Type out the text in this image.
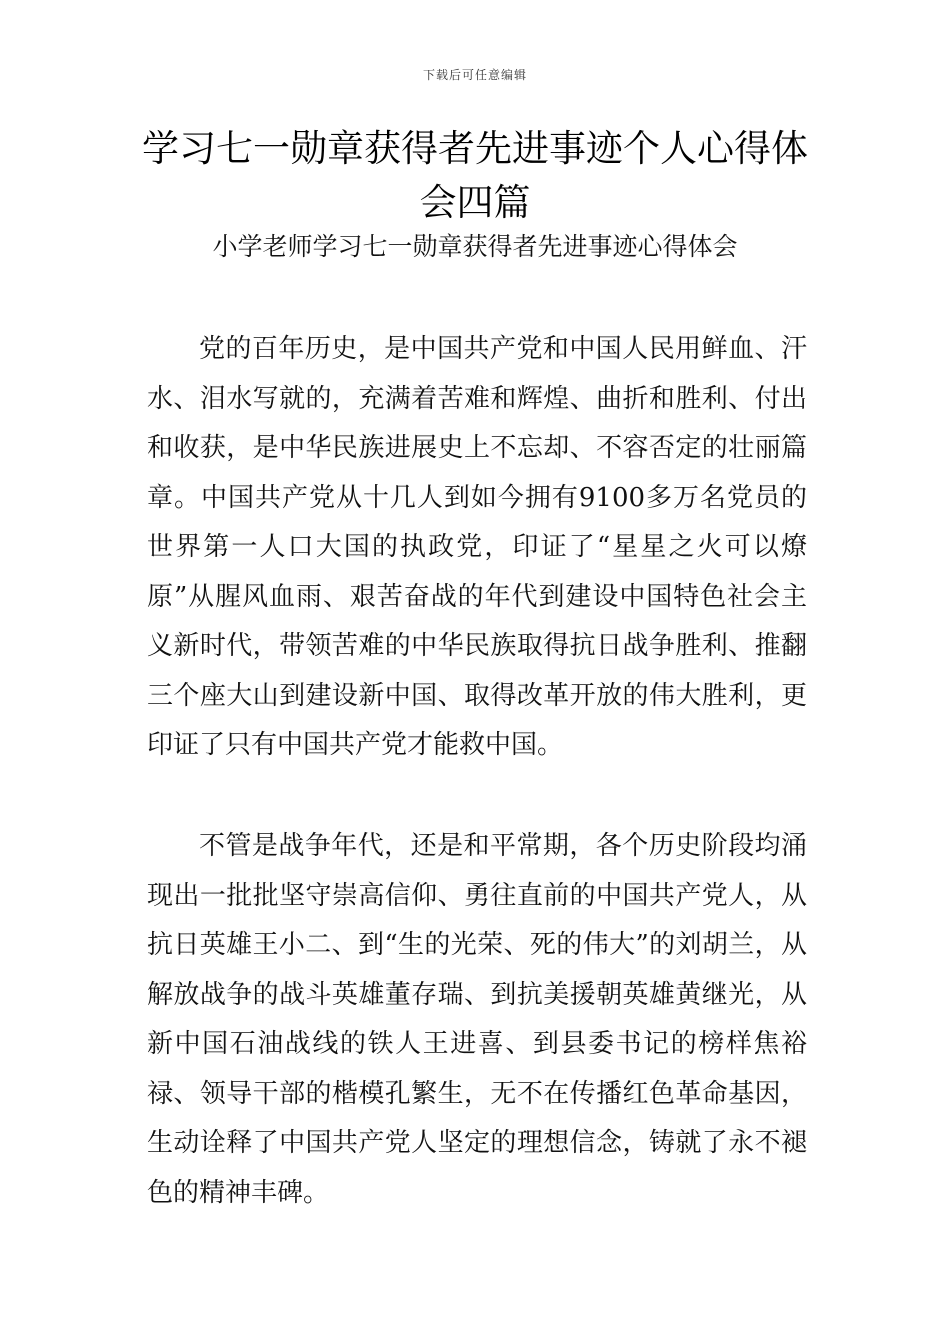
下载后可任意编辑
学习七一勋章获得者先进事迹个人心得体会四篇

小学老师学习七一勋章获得者先进事迹心得体会

党的百年历史，是中国共产党和中国人民用鲜血、汗水、泪水写就的，充满着苦难和辉煌、曲折和胜利、付出和收获，是中华民族进展史上不忘却、不容否定的壮丽篇章。中国共产党从十几人到如今拥有9100多万名党员的世界第一人口大国的执政党，印证了“星星之火可以燎原”从腥风血雨、艰苦奋战的年代到建设中国特色社会主义新时代，带领苦难的中华民族取得抗日战争胜利、推翻三个座大山到建设新中国、取得改革开放的伟大胜利，更印证了只有中国共产党才能救中国。

不管是战争年代，还是和平常期，各个历史阶段均涌现出一批批坚守崇高信仰、勇往直前的中国共产党人，从抗日英雄王小二、到“生的光荣、死的伟大”的刘胡兰，从解放战争的战斗英雄董存瑞、到抗美援朝英雄黄继光，从新中国石油战线的铁人王进喜、到县委书记的榜样焦裕禄、领导干部的楷模孔繁生，无不在传播红色革命基因，生动诠释了中国共产党人坚定的理想信念，铸就了永不褪色的精神丰碑。
